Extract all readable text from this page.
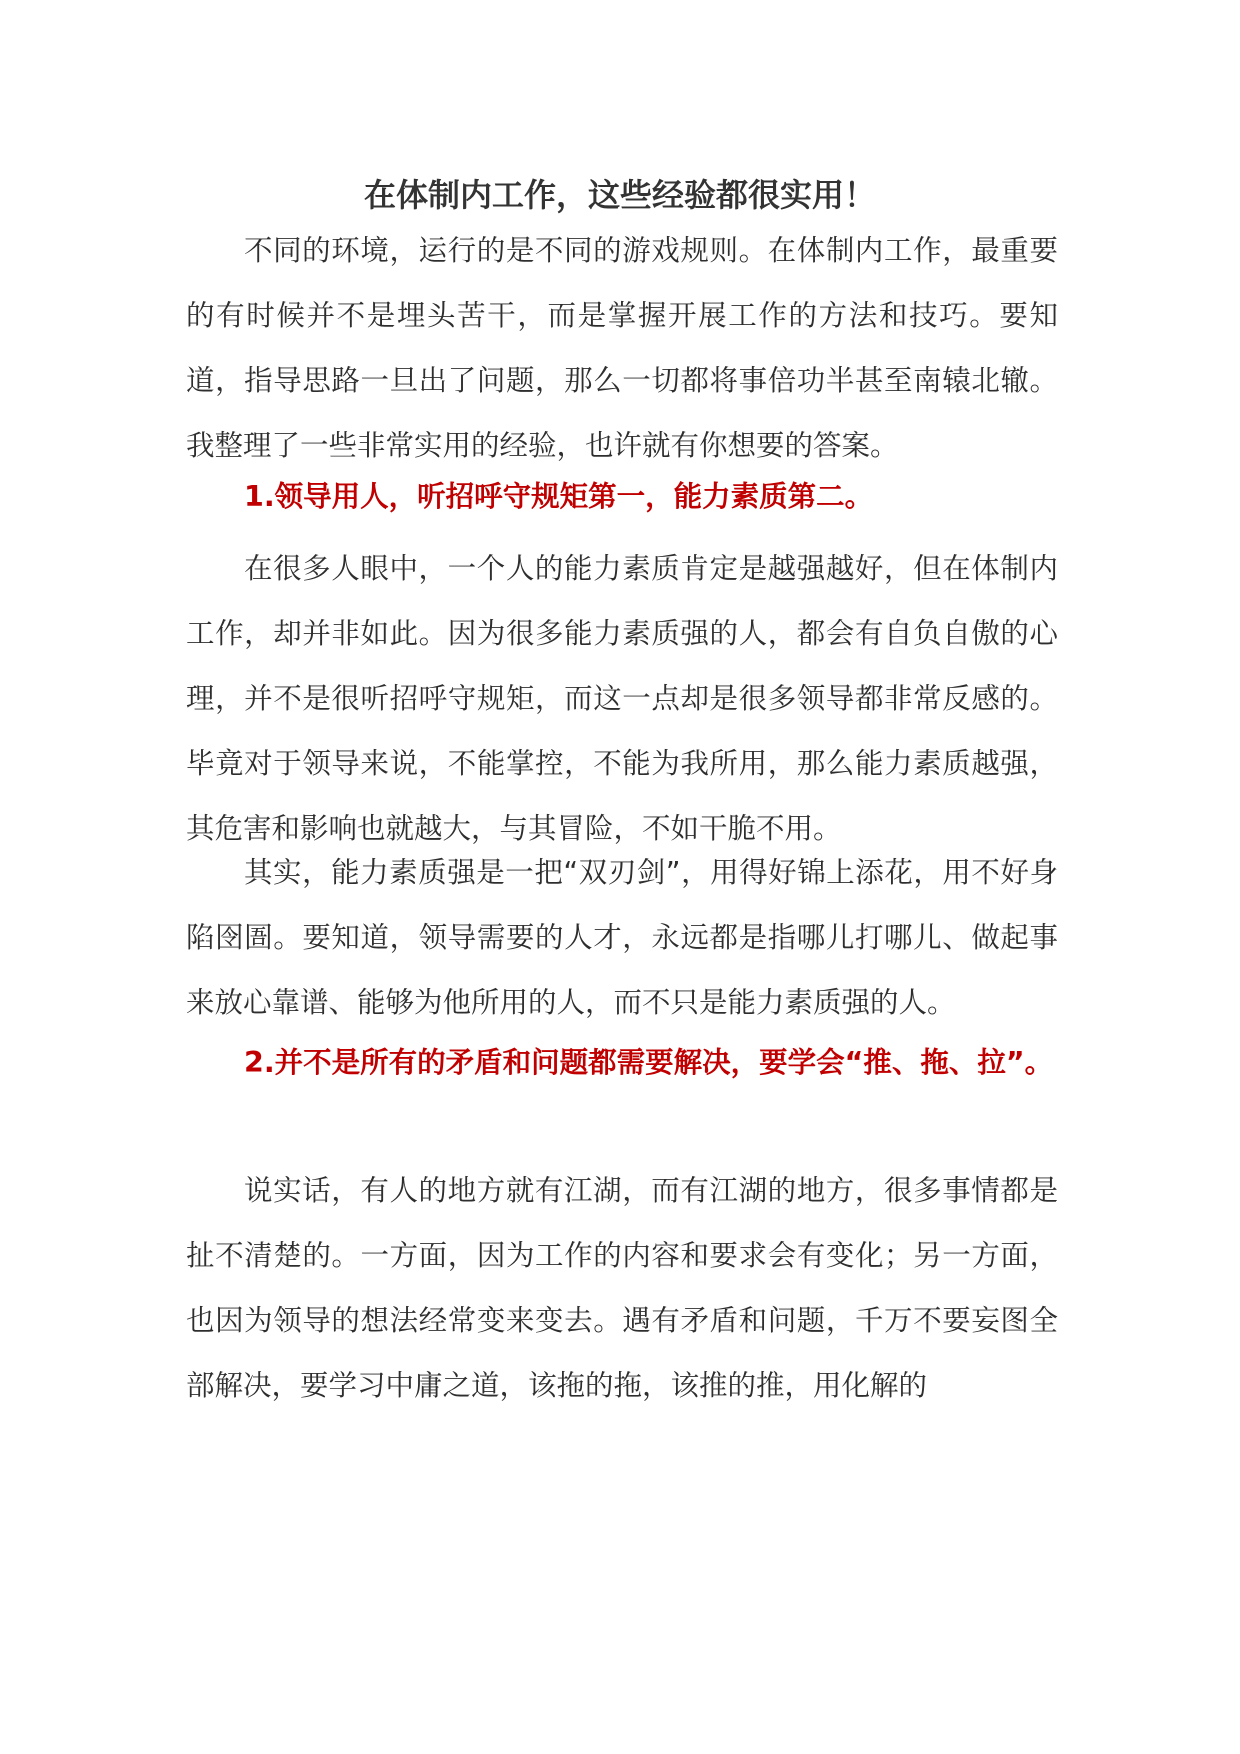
在体制内工作，这些经验都很实用！

不同的环境，运行的是不同的游戏规则。在体制内工作，最重要的有时候并不是埋头苦干，而是掌握开展工作的方法和技巧。要知道，指导思路一旦出了问题，那么一切都将事倍功半甚至南辕北辙。我整理了一些非常实用的经验，也许就有你想要的答案。

1.领导用人，听招呼守规矩第一，能力素质第二。

在很多人眼中，一个人的能力素质肯定是越强越好，但在体制内工作，却并非如此。因为很多能力素质强的人，都会有自负自傲的心理，并不是很听招呼守规矩，而这一点却是很多领导都非常反感的。毕竟对于领导来说，不能掌控，不能为我所用，那么能力素质越强，其危害和影响也就越大，与其冒险，不如干脆不用。

其实，能力素质强是一把“双刃剑”，用得好锦上添花，用不好身陷囹圄。要知道，领导需要的人才，永远都是指哪儿打哪儿、做起事来放心靠谱、能够为他所用的人，而不只是能力素质强的人。

2.并不是所有的矛盾和问题都需要解决，要学会“推、拖、拉”。

说实话，有人的地方就有江湖，而有江湖的地方，很多事情都是扯不清楚的。一方面，因为工作的内容和要求会有变化；另一方面，也因为领导的想法经常变来变去。遇有矛盾和问题，千万不要妄图全部解决，要学习中庸之道，该拖的拖，该推的推，用化解的
